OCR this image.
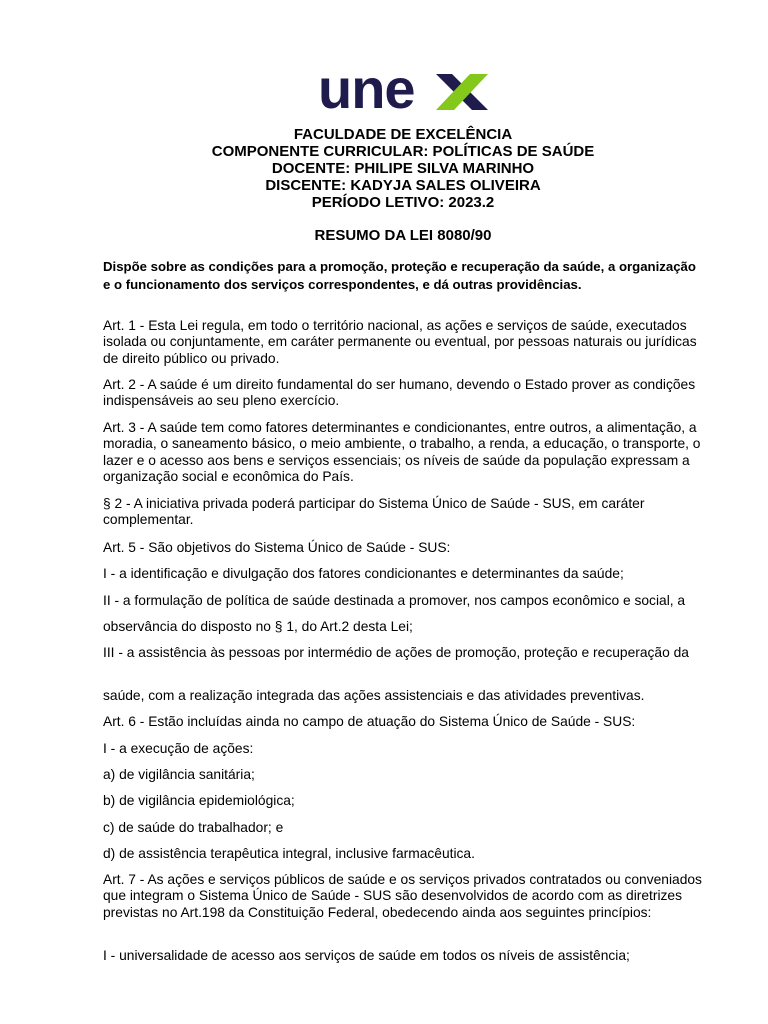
une
FACULDADE DE EXCELÊNCIA
COMPONENTE CURRICULAR: POLÍTICAS DE SAÚDE
DOCENTE: PHILIPE SILVA MARINHO
DISCENTE: KADYJA SALES OLIVEIRA
PERÍODO LETIVO: 2023.2
RESUMO DA LEI 8080/90
Dispõe sobre as condições para a promoção, proteção e recuperação da saúde, a organização e o funcionamento dos serviços correspondentes, e dá outras providências.
Art. 1 - Esta Lei regula, em todo o território nacional, as ações e serviços de saúde, executados isolada ou conjuntamente, em caráter permanente ou eventual, por pessoas naturais ou jurídicas de direito público ou privado.
Art. 2 - A saúde é um direito fundamental do ser humano, devendo o Estado prover as condições indispensáveis ao seu pleno exercício.
Art. 3 - A saúde tem como fatores determinantes e condicionantes, entre outros, a alimentação, a moradia, o saneamento básico, o meio ambiente, o trabalho, a renda, a educação, o transporte, o lazer e o acesso aos bens e serviços essenciais; os níveis de saúde da população expressam a organização social e econômica do País.
§ 2 - A iniciativa privada poderá participar do Sistema Único de Saúde - SUS, em caráter complementar.
Art. 5 - São objetivos do Sistema Único de Saúde - SUS:
I - a identificação e divulgação dos fatores condicionantes e determinantes da saúde;
II - a formulação de política de saúde destinada a promover, nos campos econômico e social, a
observância do disposto no § 1, do Art.2 desta Lei;
III - a assistência às pessoas por intermédio de ações de promoção, proteção e recuperação da
saúde, com a realização integrada das ações assistenciais e das atividades preventivas.
Art. 6 - Estão incluídas ainda no campo de atuação do Sistema Único de Saúde - SUS:
I - a execução de ações:
a) de vigilância sanitária;
b) de vigilância epidemiológica;
c) de saúde do trabalhador; e
d) de assistência terapêutica integral, inclusive farmacêutica.
Art. 7 - As ações e serviços públicos de saúde e os serviços privados contratados ou conveniados que integram o Sistema Único de Saúde - SUS são desenvolvidos de acordo com as diretrizes previstas no Art.198 da Constituição Federal, obedecendo ainda aos seguintes princípios:
I - universalidade de acesso aos serviços de saúde em todos os níveis de assistência;
